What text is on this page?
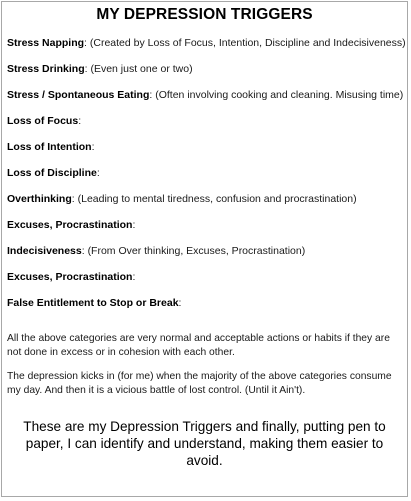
MY DEPRESSION TRIGGERS
Stress Napping: (Created by Loss of Focus, Intention, Discipline and Indecisiveness)
Stress Drinking: (Even just one or two)
Stress / Spontaneous Eating: (Often involving cooking and cleaning. Misusing time)
Loss of Focus:
Loss of Intention:
Loss of Discipline:
Overthinking: (Leading to mental tiredness, confusion and procrastination)
Excuses, Procrastination:
Indecisiveness: (From Over thinking, Excuses, Procrastination)
Excuses, Procrastination:
False Entitlement to Stop or Break:

All the above categories are very normal and acceptable actions or habits if they are not done in excess or in cohesion with each other.

The depression kicks in (for me) when the majority of the above categories consume my day. And then it is a vicious battle of lost control. (Until it Ain't).

These are my Depression Triggers and finally, putting pen to paper, I can identify and understand, making them easier to avoid.
